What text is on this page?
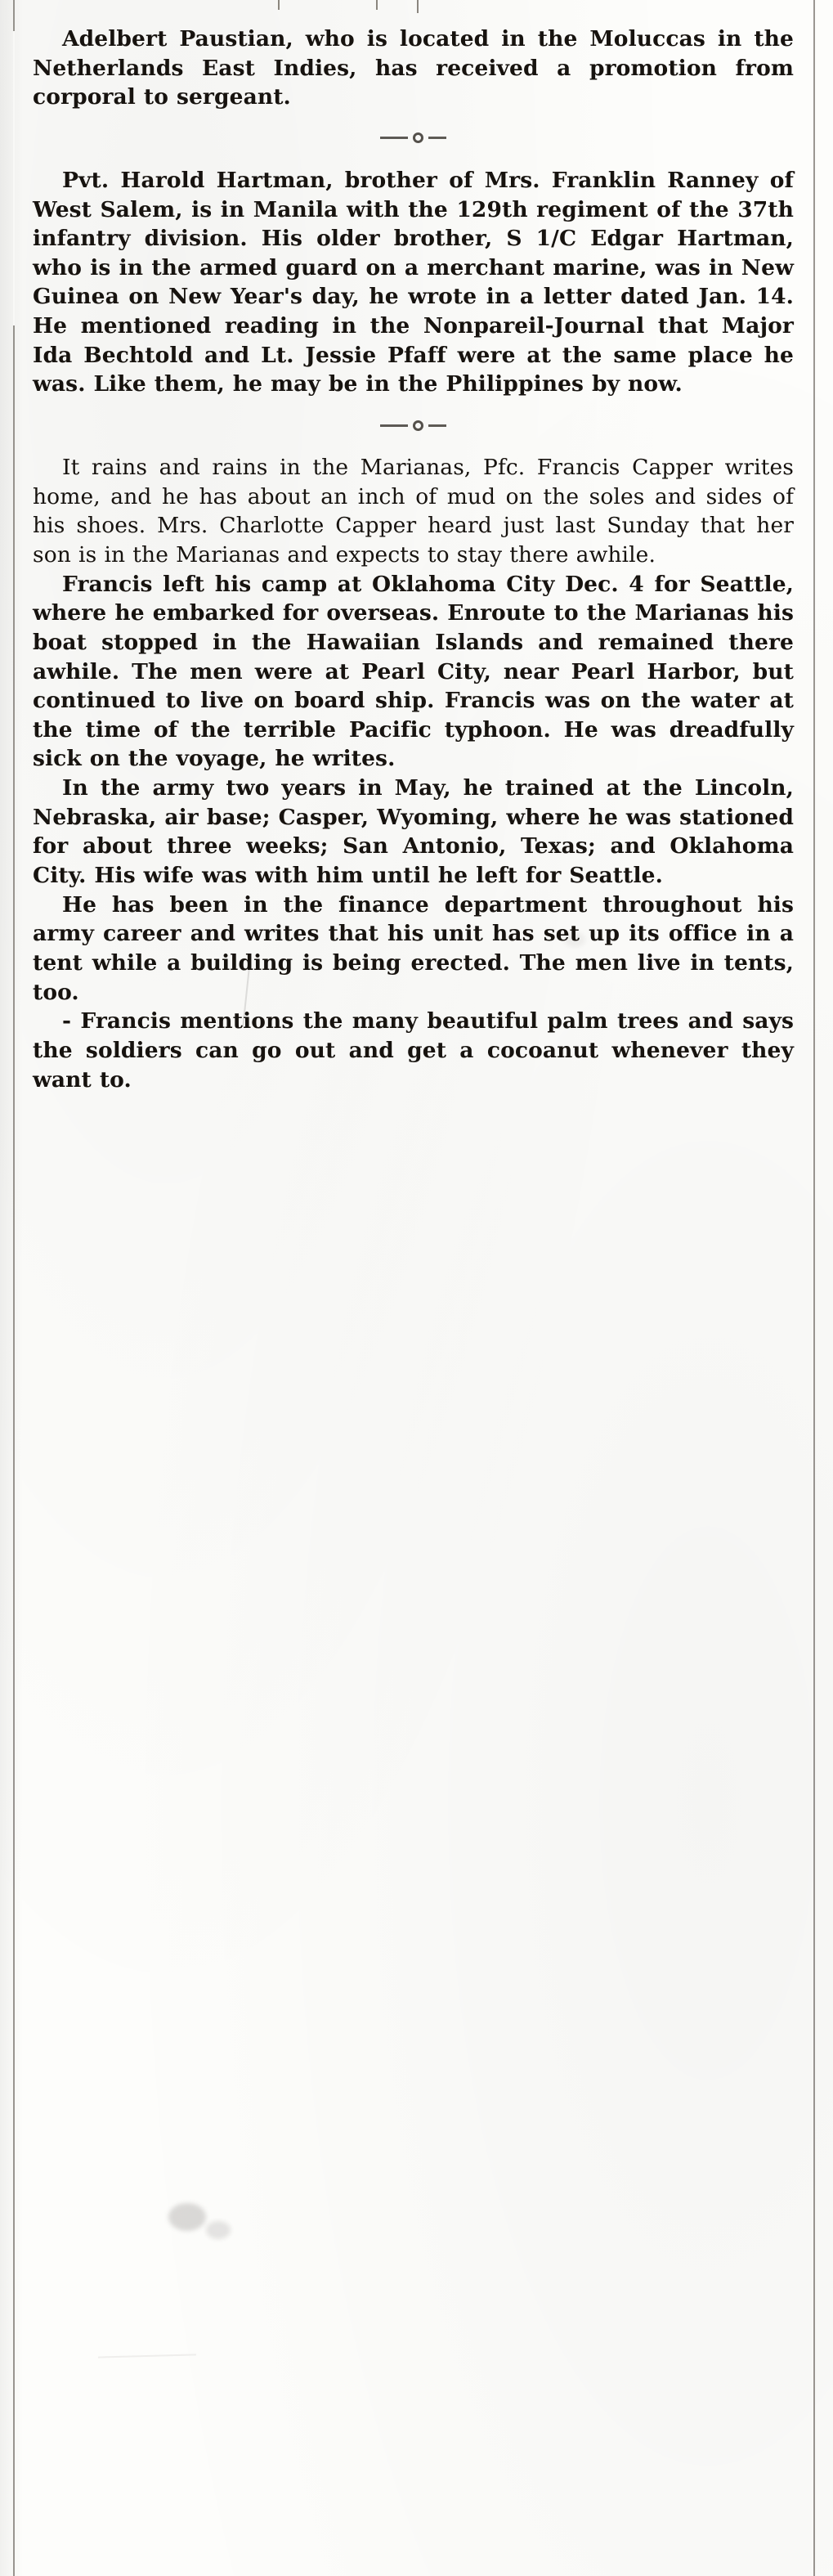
Adelbert Paustian, who is located in the Moluccas in the Netherlands East Indies, has received a promotion from corporal to sergeant.

Pvt. Harold Hartman, brother of Mrs. Franklin Ranney of West Salem, is in Manila with the 129th regiment of the 37th infantry division. His older brother, S 1/C Edgar Hartman, who is in the armed guard on a merchant marine, was in New Guinea on New Year's day, he wrote in a letter dated Jan. 14. He mentioned reading in the Nonpareil-Journal that Major Ida Bechtold and Lt. Jessie Pfaff were at the same place he was. Like them, he may be in the Philippines by now.

It rains and rains in the Marianas, Pfc. Francis Capper writes home, and he has about an inch of mud on the soles and sides of his shoes. Mrs. Charlotte Capper heard just last Sunday that her son is in the Marianas and expects to stay there awhile.

Francis left his camp at Oklahoma City Dec. 4 for Seattle, where he embarked for overseas. Enroute to the Marianas his boat stopped in the Hawaiian Islands and remained there awhile. The men were at Pearl City, near Pearl Harbor, but continued to live on board ship. Francis was on the water at the time of the terrible Pacific typhoon. He was dreadfully sick on the voyage, he writes.

In the army two years in May, he trained at the Lincoln, Nebraska, air base; Casper, Wyoming, where he was stationed for about three weeks; San Antonio, Texas; and Oklahoma City. His wife was with him until he left for Seattle.

He has been in the finance department throughout his army career and writes that his unit has set up its office in a tent while a building is being erected. The men live in tents, too.

- Francis mentions the many beautiful palm trees and says the soldiers can go out and get a cocoanut whenever they want to.
